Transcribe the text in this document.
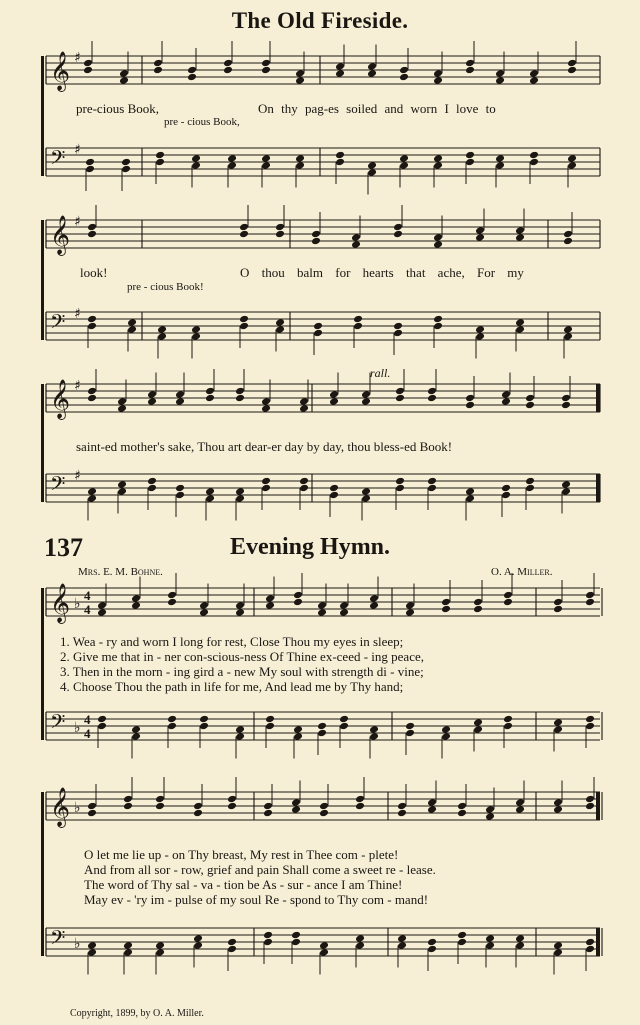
The Old Fireside.
137	Evening Hymn.
Mrs. E. M. Bohne.	O. A. Miller.
𝄞 ♯
𝄢 ♯
𝄞 ♯
𝄢 ♯
𝄞 ♯
𝄢 ♯
𝄞 ♭
4
4
𝄢 ♭
4
4
𝄞 ♭
𝄢 ♭
pre-cious Book,	On thy pag-es soiled and worn I love to
pre - cious Book,
look!	O thou balm for hearts that ache, For my
pre - cious Book!
rall.
saint-ed mother's sake, Thou art dear-er day by day, thou bless-ed Book!
1. Wea - ry and worn I long for rest, Close Thou my eyes in sleep;
2. Give me that in - ner con-scious-ness Of Thine ex-ceed - ing peace,
3. Then in the morn - ing gird a - new My soul with strength di - vine;
4. Choose Thou the path in life for me, And lead me by Thy hand;
O let me lie up - on Thy breast, My rest in Thee com - plete!
And from all sor - row, grief and pain Shall come a sweet re - lease.
The word of Thy sal - va - tion be As - sur - ance I am Thine!
May ev - 'ry im - pulse of my soul Re - spond to Thy com - mand!
Copyright, 1899, by O. A. Miller.
